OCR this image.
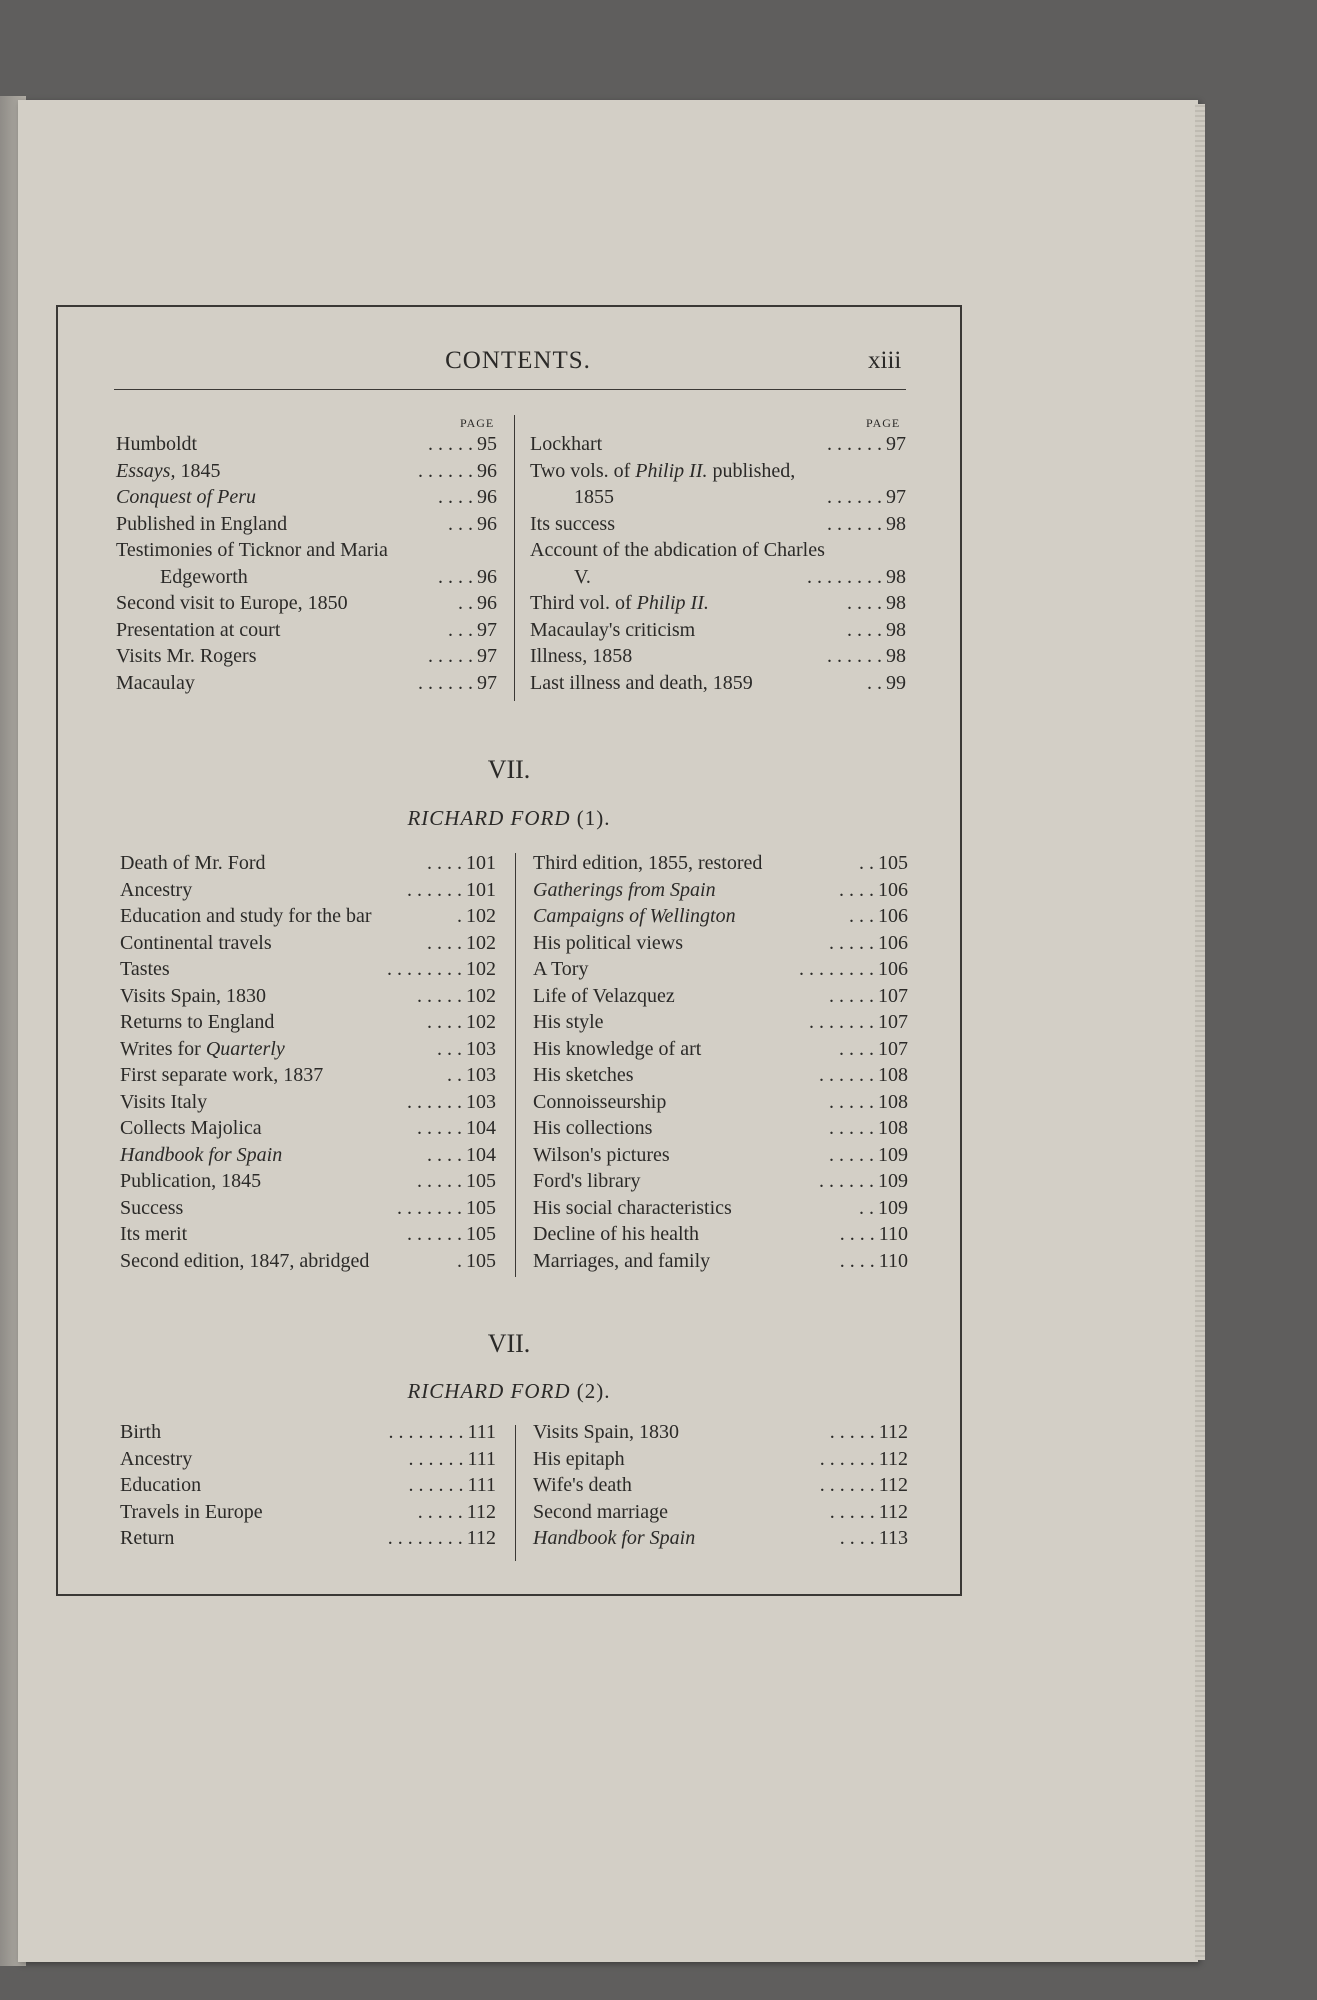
CONTENTS.	xiii
PAGE	PAGE
Humboldt	. . . . . 95
Essays, 1845	. . . . . . 96
Conquest of Peru	. . . . 96
Published in England	. . . 96
Testimonies of Ticknor and Maria
Edgeworth	. . . . 96
Second visit to Europe, 1850	. . 96
Presentation at court	. . . 97
Visits Mr. Rogers	. . . . . 97
Macaulay	. . . . . . 97
Lockhart	. . . . . . 97
Two vols. of Philip II. published,
1855	. . . . . . 97
Its success	. . . . . . 98
Account of the abdication of Charles
V.	. . . . . . . . 98
Third vol. of Philip II.	. . . . 98
Macaulay's criticism	. . . . 98
Illness, 1858	. . . . . . 98
Last illness and death, 1859	. . 99
VII.
RICHARD FORD (1).
Death of Mr. Ford	. . . . 101
Ancestry	. . . . . . 101
Education and study for the bar	. 102
Continental travels	. . . . 102
Tastes	. . . . . . . . 102
Visits Spain, 1830	. . . . . 102
Returns to England	. . . . 102
Writes for Quarterly	. . . 103
First separate work, 1837	. . 103
Visits Italy	. . . . . . 103
Collects Majolica	. . . . . 104
Handbook for Spain	. . . . 104
Publication, 1845	. . . . . 105
Success	. . . . . . . 105
Its merit	. . . . . . 105
Second edition, 1847, abridged	. 105
Third edition, 1855, restored	. . 105
Gatherings from Spain	. . . . 106
Campaigns of Wellington	. . . 106
His political views	. . . . . 106
A Tory	. . . . . . . . 106
Life of Velazquez	. . . . . 107
His style	. . . . . . . 107
His knowledge of art	. . . . 107
His sketches	. . . . . . 108
Connoisseurship	. . . . . 108
His collections	. . . . . 108
Wilson's pictures	. . . . . 109
Ford's library	. . . . . . 109
His social characteristics	. . 109
Decline of his health	. . . . 110
Marriages, and family	. . . . 110
VII.
RICHARD FORD (2).
Birth	. . . . . . . . 111
Ancestry	. . . . . . 111
Education	. . . . . . 111
Travels in Europe	. . . . . 112
Return	. . . . . . . . 112
Visits Spain, 1830	. . . . . 112
His epitaph	. . . . . . 112
Wife's death	. . . . . . 112
Second marriage	. . . . . 112
Handbook for Spain	. . . . 113
